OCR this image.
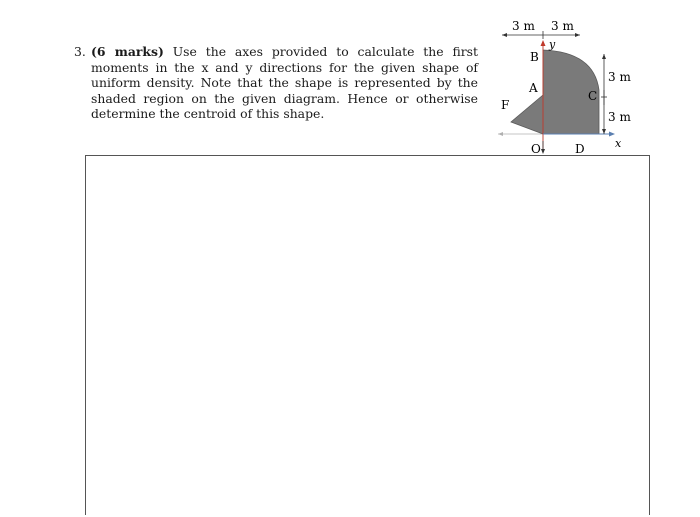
3. (6 marks) Use the axes provided to calculate the first moments in the x and y directions for the given shape of uniform density. Note that the shape is represented by the shaded region on the given diagram. Hence or otherwise determine the centroid of this shape.
3 m 3 m
y
x
3 m
3 m
B
A
F
C
O	D
